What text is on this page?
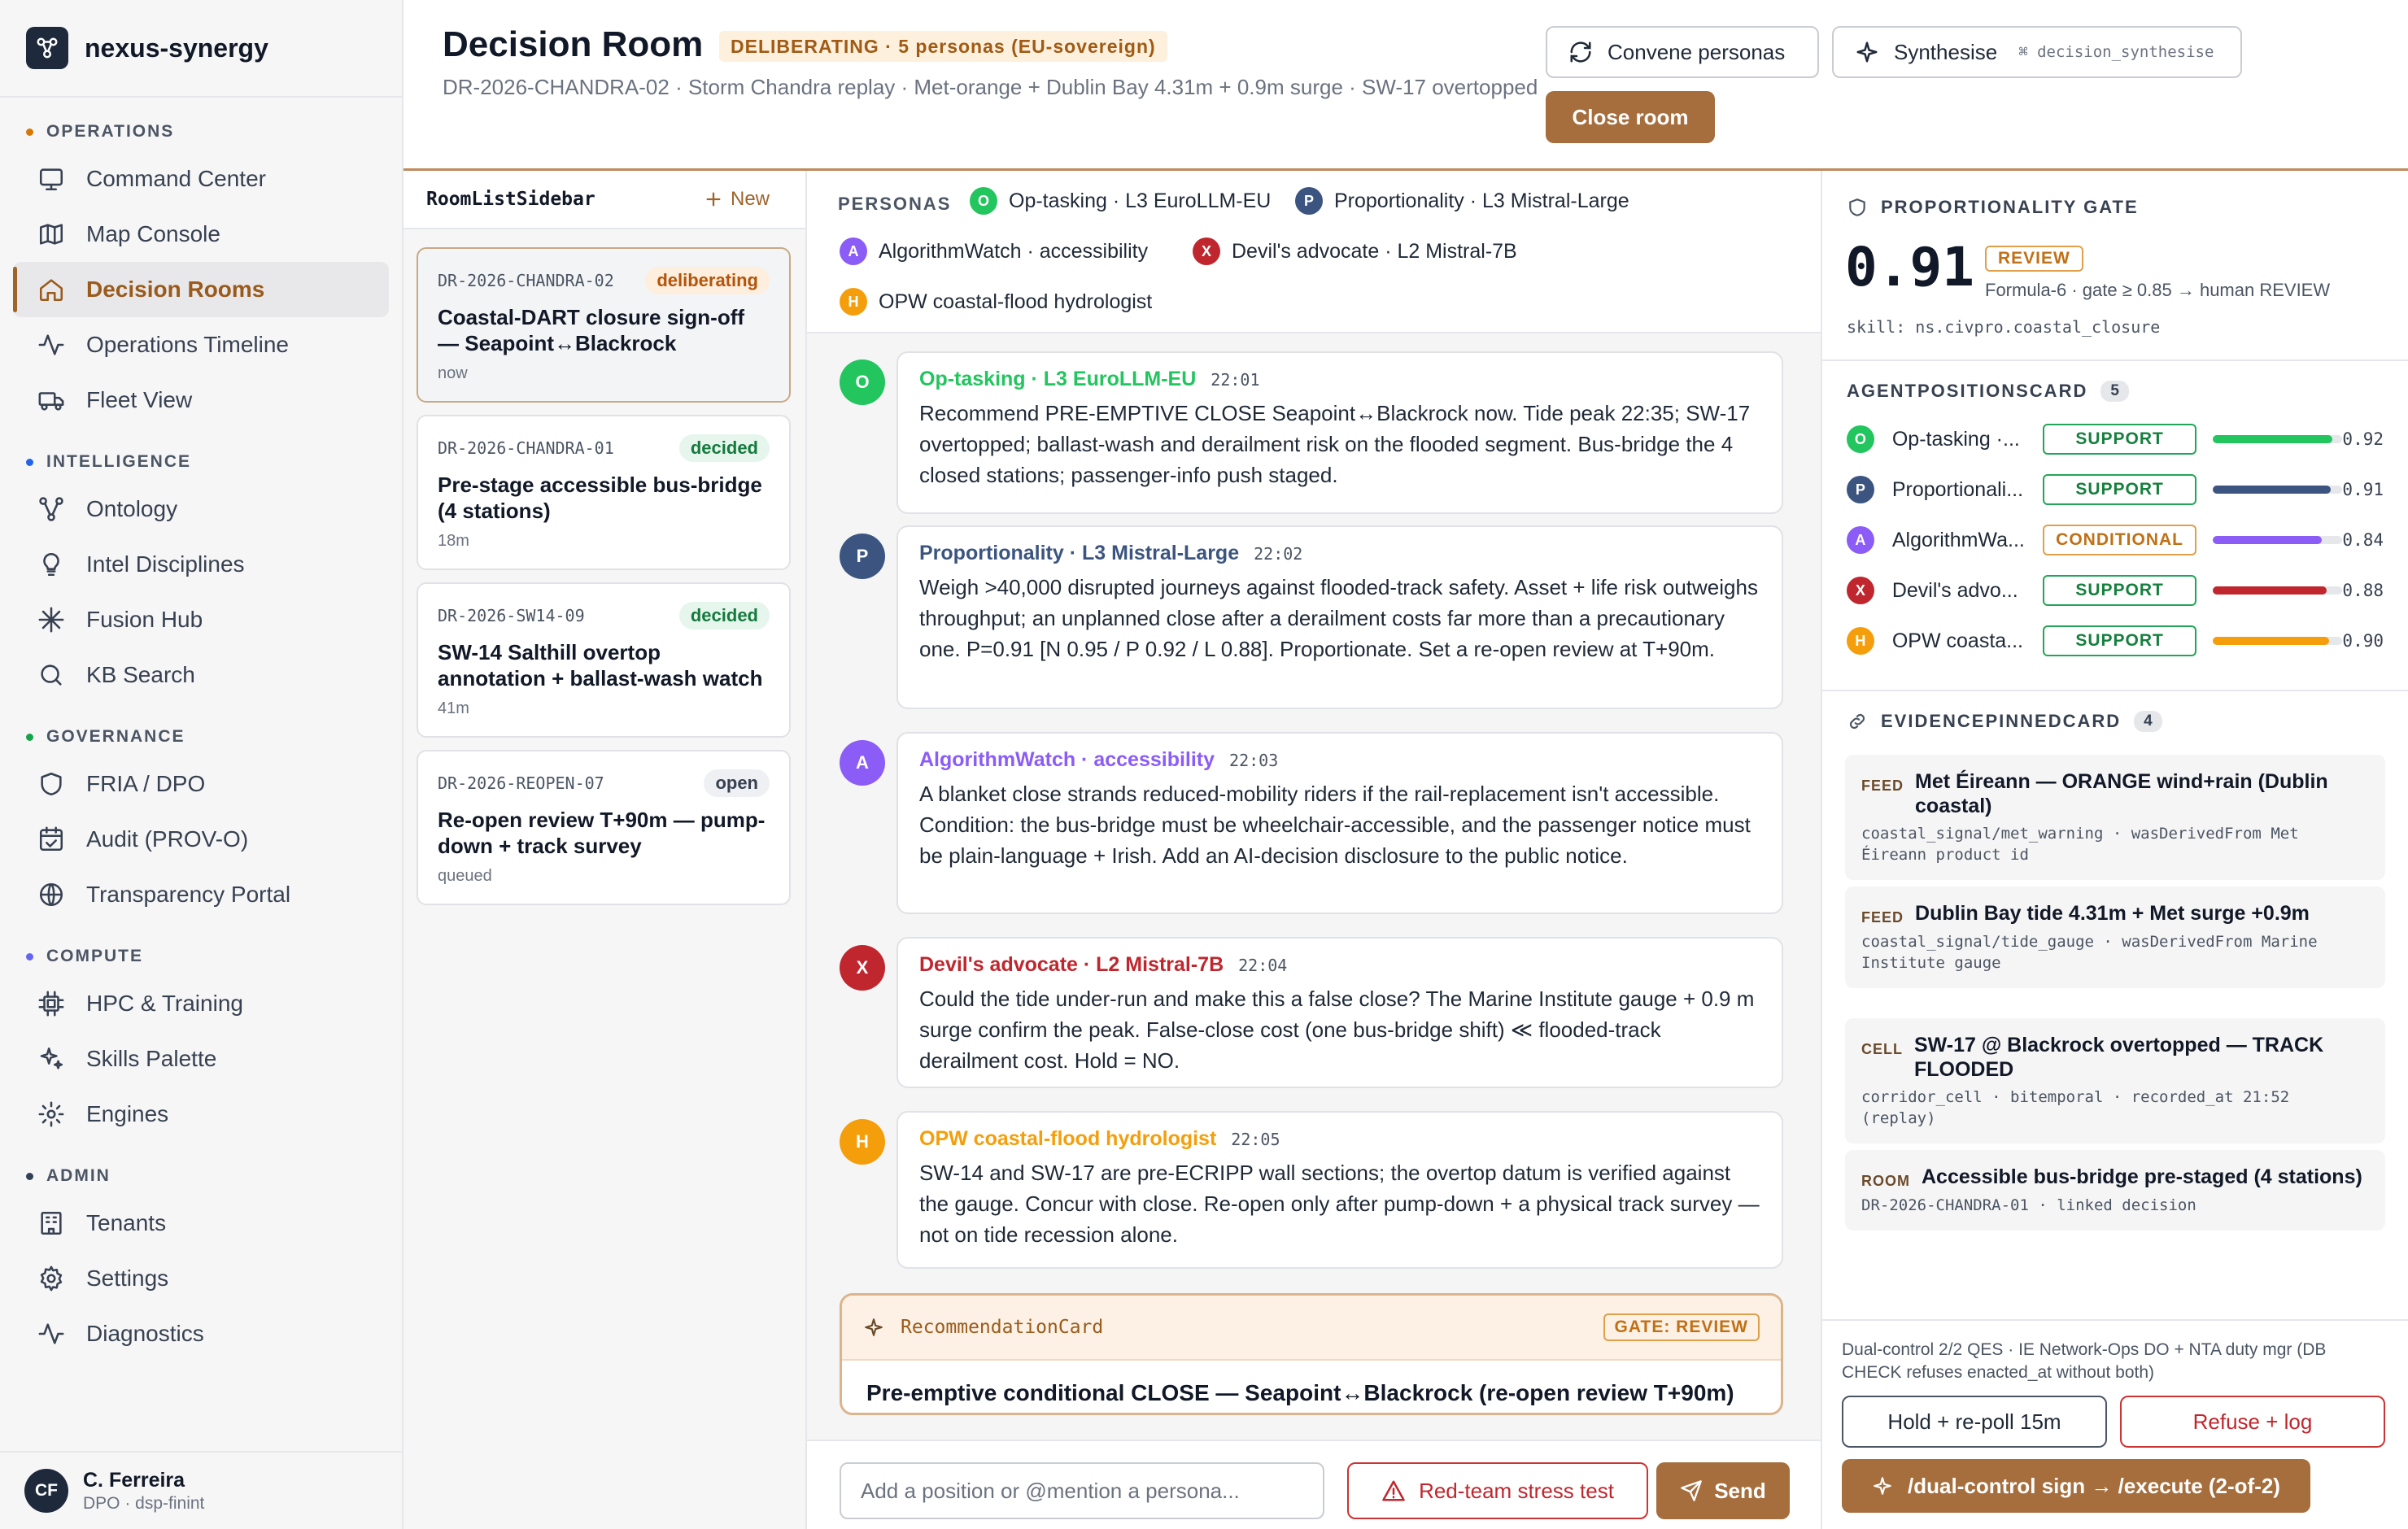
nexus-synergy
OPERATIONS
Command Center
Map Console
Decision Rooms
Operations Timeline
Fleet View
INTELLIGENCE
Ontology
Intel Disciplines
Fusion Hub
KB Search
GOVERNANCE
FRIA / DPO
Audit (PROV-O)
Transparency Portal
COMPUTE
HPC & Training
Skills Palette
Engines
ADMIN
Tenants
Settings
Diagnostics
CF	C. Ferreira
DPO · dsp-finint
Decision Room	DELIBERATING · 5 personas (EU-sovereign)
DR-2026-CHANDRA-02 · Storm Chandra replay · Met-orange + Dublin Bay 4.31m + 0.9m surge · SW-17 overtopped
Convene personas	Synthesise ⌘ decision_synthesise
Close room
RoomListSidebar	New
DR-2026-CHANDRA-02	deliberating
Coastal-DART closure sign-off — Seapoint↔Blackrock
now
DR-2026-CHANDRA-01	decided
Pre-stage accessible bus-bridge (4 stations)
18m
DR-2026-SW14-09	decided
SW-14 Salthill overtop annotation + ballast-wash watch
41m
DR-2026-REOPEN-07	open
Re-open review T+90m — pump-down + track survey
queued
PERSONAS	O Op-tasking · L3 EuroLLM-EU	P	Proportionality · L3 Mistral-Large
A AlgorithmWatch · accessibility	X	Devil's advocate · L2 Mistral-7B
H OPW coastal-flood hydrologist
O	Op-tasking · L3 EuroLLM-EU 22:01
Recommend PRE-EMPTIVE CLOSE Seapoint↔Blackrock now. Tide peak 22:35; SW-17 overtopped; ballast-wash and derailment risk on the flooded segment. Bus-bridge the 4 closed stations; passenger-info push staged.
P	Proportionality · L3 Mistral-Large 22:02
Weigh >40,000 disrupted journeys against flooded-track safety. Asset + life risk outweighs throughput; an unplanned close after a derailment costs far more than a precautionary one. P=0.91 [N 0.95 / P 0.92 / L 0.88]. Proportionate. Set a re-open review at T+90m.
A	AlgorithmWatch · accessibility 22:03
A blanket close strands reduced-mobility riders if the rail-replacement isn't accessible. Condition: the bus-bridge must be wheelchair-accessible, and the passenger notice must be plain-language + Irish. Add an AI-decision disclosure to the public notice.
X	Devil's advocate · L2 Mistral-7B 22:04
Could the tide under-run and make this a false close? The Marine Institute gauge + 0.9 m surge confirm the peak. False-close cost (one bus-bridge shift) ≪ flooded-track derailment cost. Hold = NO.
H	OPW coastal-flood hydrologist 22:05
SW-14 and SW-17 are pre-ECRIPP wall sections; the overtop datum is verified against the gauge. Concur with close. Re-open only after pump-down + a physical track survey — not on tide recession alone.
RecommendationCard	GATE: REVIEW
Pre-emptive conditional CLOSE — Seapoint↔Blackrock (re-open review T+90m)
Add a position or @mention a persona...
Red-team stress test	Send
PROPORTIONALITY GATE
0.91	REVIEW
Formula-6 · gate ≥ 0.85 → human REVIEW
skill: ns.civpro.coastal_closure
AGENTPOSITIONSCARD	5
O	Op-tasking ·...	SUPPORT	0.92
P	Proportionali...	SUPPORT	0.91
A	AlgorithmWa...	CONDITIONAL	0.84
X	Devil's advo...	SUPPORT	0.88
H	OPW coasta...	SUPPORT	0.90
EVIDENCEPINNEDCARD	4
FEED Met Éireann — ORANGE wind+rain (Dublin coastal)
coastal_signal/met_warning · wasDerivedFrom Met Éireann product id
FEED Dublin Bay tide 4.31m + Met surge +0.9m
coastal_signal/tide_gauge · wasDerivedFrom Marine Institute gauge
CELL SW-17 @ Blackrock overtopped — TRACK FLOODED
corridor_cell · bitemporal · recorded_at 21:52 (replay)
ROOM Accessible bus-bridge pre-staged (4 stations)
DR-2026-CHANDRA-01 · linked decision
Dual-control 2/2 QES · IE Network-Ops DO + NTA duty mgr (DB CHECK refuses enacted_at without both)
Hold + re-poll 15m	Refuse + log
/dual-control sign → /execute (2-of-2)
